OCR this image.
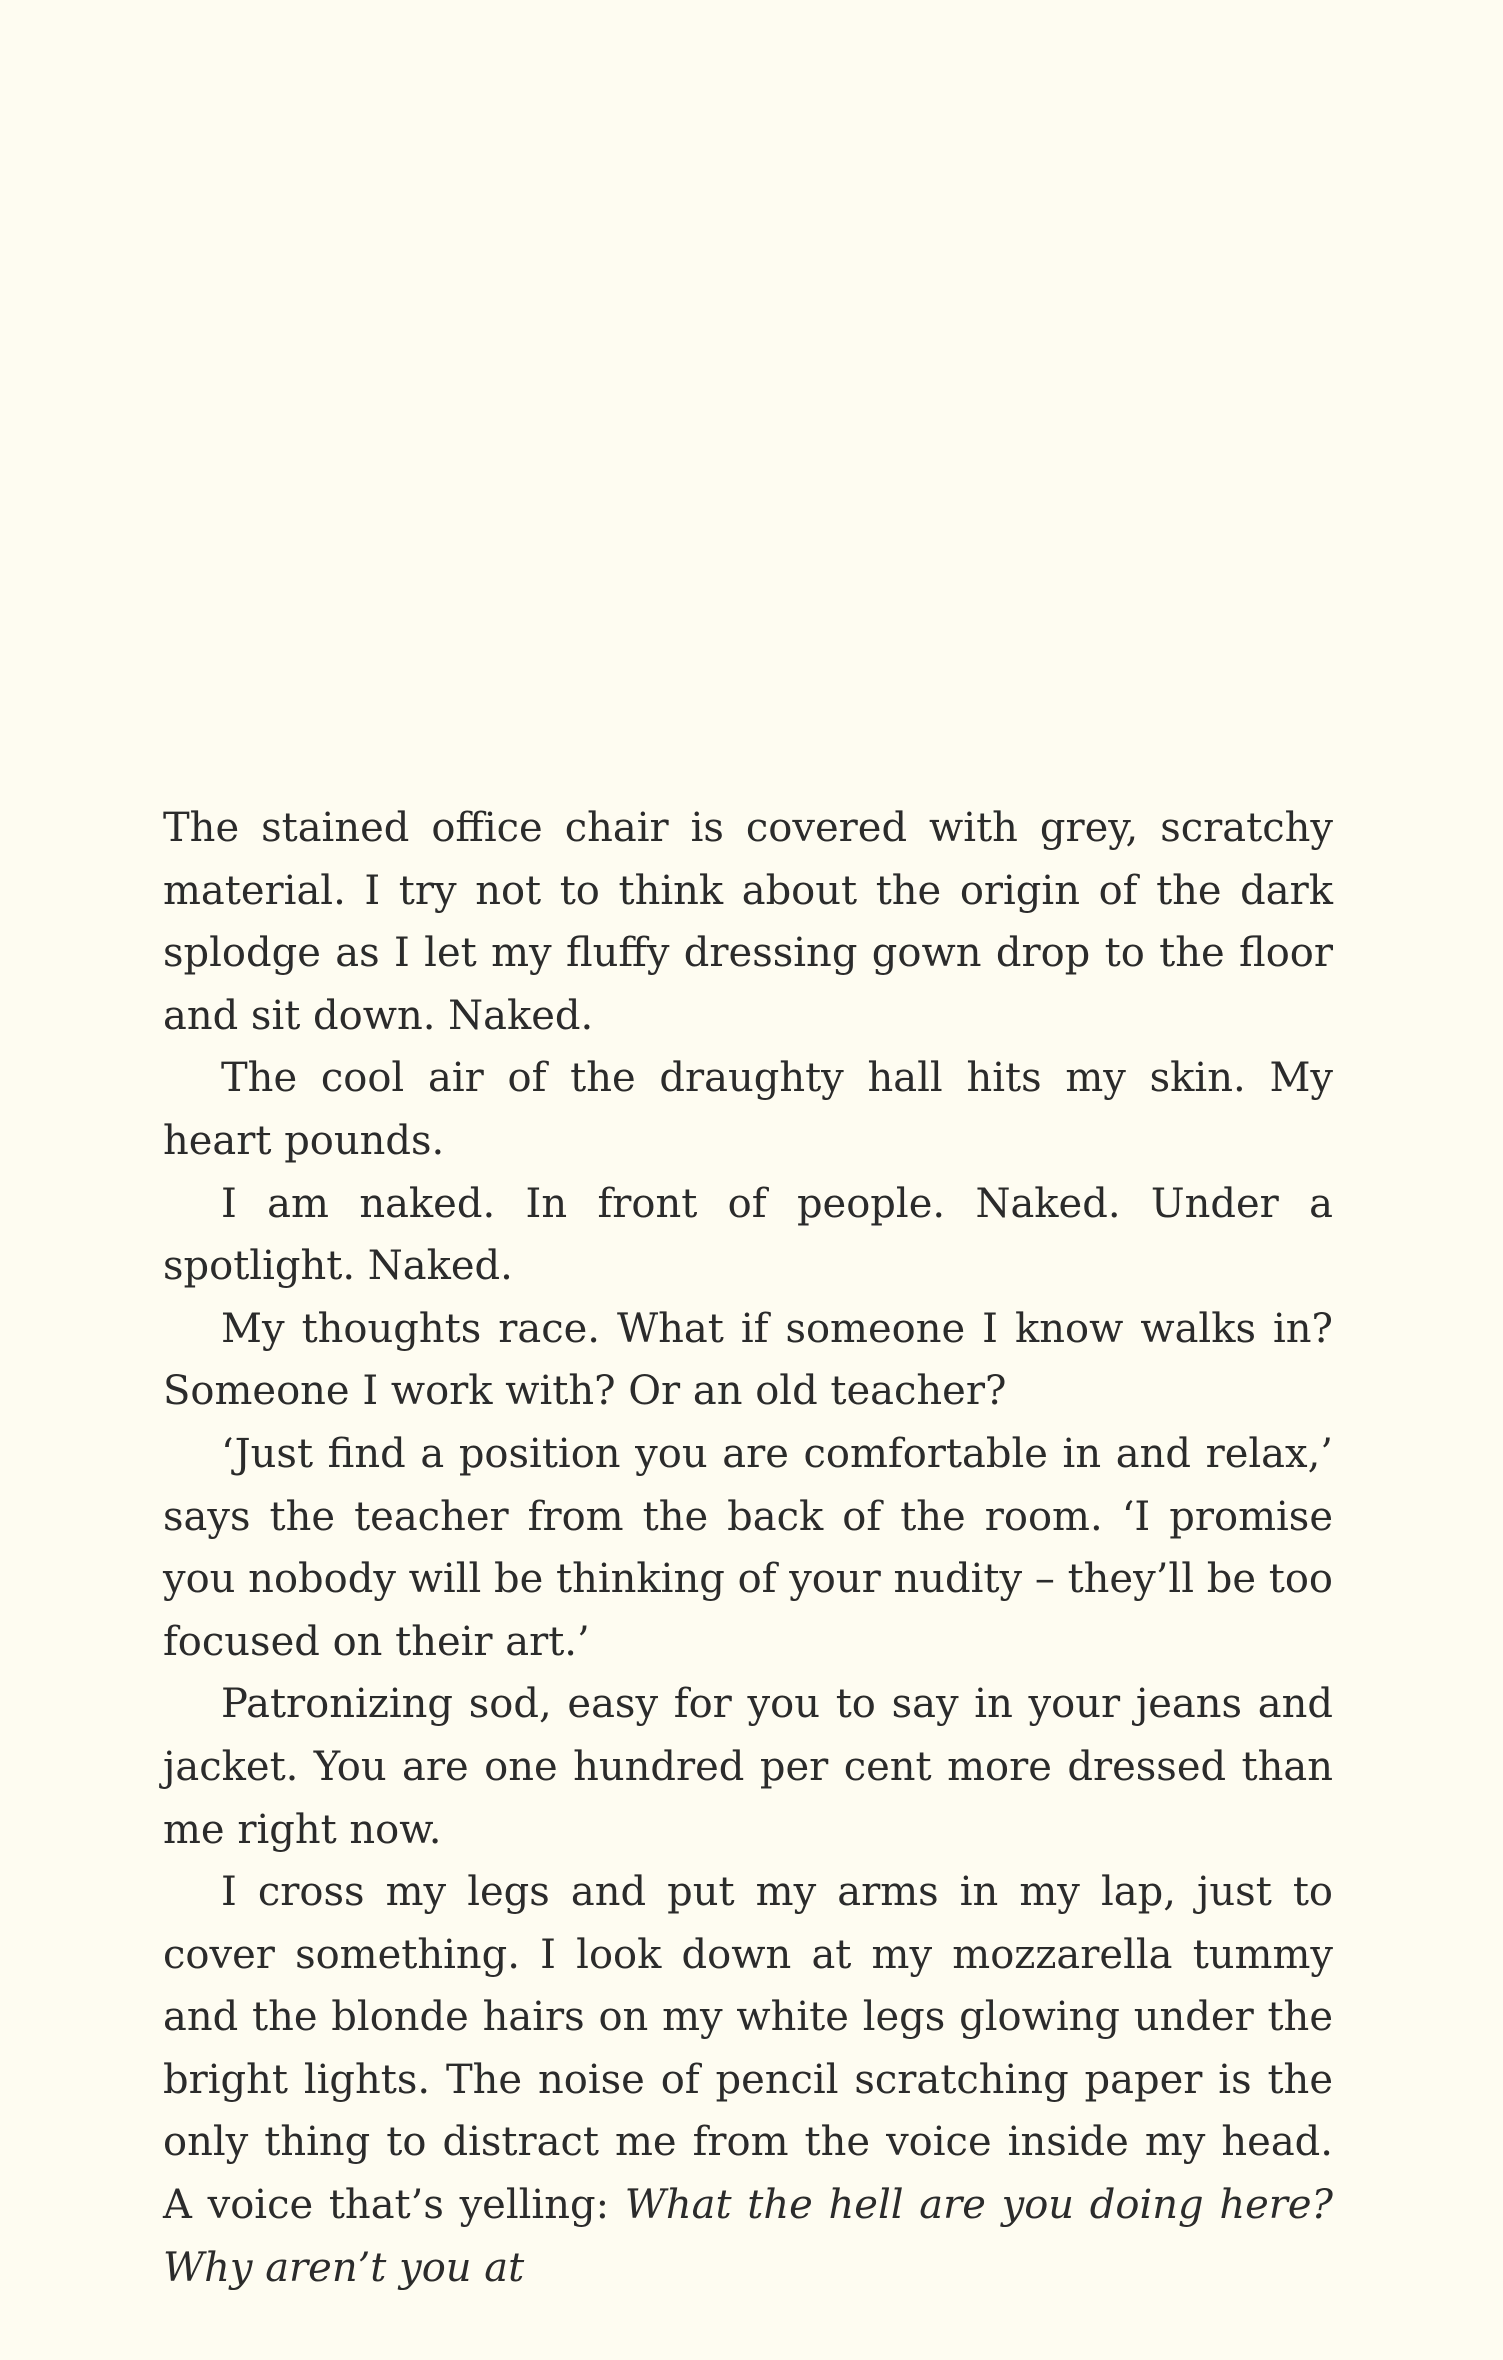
The stained office chair is covered with grey, scratchy material. I try not to think about the origin of the dark splodge as I let my fluffy dressing gown drop to the floor and sit down. Naked.

The cool air of the draughty hall hits my skin. My heart pounds.

I am naked. In front of people. Naked. Under a spotlight. Naked.

My thoughts race. What if someone I know walks in? Someone I work with? Or an old teacher?

‘Just find a position you are comfortable in and relax,’ says the teacher from the back of the room. ‘I promise you nobody will be thinking of your nudity – they’ll be too focused on their art.’

Patronizing sod, easy for you to say in your jeans and jacket. You are one hundred per cent more dressed than me right now.

I cross my legs and put my arms in my lap, just to cover something. I look down at my mozzarella tummy and the blonde hairs on my white legs glowing under the bright lights. The noise of pencil scratching paper is the only thing to distract me from the voice inside my head. A voice that’s yelling: What the hell are you doing here? Why aren’t you at
